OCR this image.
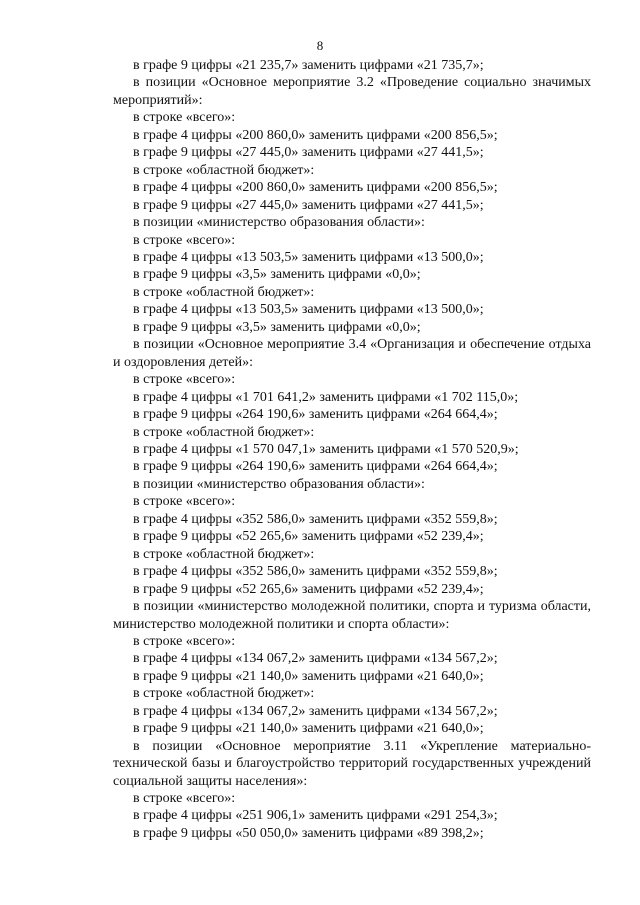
8
в графе 9 цифры «21 235,7» заменить цифрами «21 735,7»;
в позиции «Основное мероприятие 3.2 «Проведение социально значимых
мероприятий»:
в строке «всего»:
в графе 4 цифры «200 860,0» заменить цифрами «200 856,5»;
в графе 9 цифры «27 445,0» заменить цифрами «27 441,5»;
в строке «областной бюджет»:
в графе 4 цифры «200 860,0» заменить цифрами «200 856,5»;
в графе 9 цифры «27 445,0» заменить цифрами «27 441,5»;
в позиции «министерство образования области»:
в строке «всего»:
в графе 4 цифры «13 503,5» заменить цифрами «13 500,0»;
в графе 9 цифры «3,5» заменить цифрами «0,0»;
в строке «областной бюджет»:
в графе 4 цифры «13 503,5» заменить цифрами «13 500,0»;
в графе 9 цифры «3,5» заменить цифрами «0,0»;
в позиции «Основное мероприятие 3.4 «Организация и обеспечение отдыха
и оздоровления детей»:
в строке «всего»:
в графе 4 цифры «1 701 641,2» заменить цифрами «1 702 115,0»;
в графе 9 цифры «264 190,6» заменить цифрами «264 664,4»;
в строке «областной бюджет»:
в графе 4 цифры «1 570 047,1» заменить цифрами «1 570 520,9»;
в графе 9 цифры «264 190,6» заменить цифрами «264 664,4»;
в позиции «министерство образования области»:
в строке «всего»:
в графе 4 цифры «352 586,0» заменить цифрами «352 559,8»;
в графе 9 цифры «52 265,6» заменить цифрами «52 239,4»;
в строке «областной бюджет»:
в графе 4 цифры «352 586,0» заменить цифрами «352 559,8»;
в графе 9 цифры «52 265,6» заменить цифрами «52 239,4»;
в позиции «министерство молодежной политики, спорта и туризма области,
министерство молодежной политики и спорта области»:
в строке «всего»:
в графе 4 цифры «134 067,2» заменить цифрами «134 567,2»;
в графе 9 цифры «21 140,0» заменить цифрами «21 640,0»;
в строке «областной бюджет»:
в графе 4 цифры «134 067,2» заменить цифрами «134 567,2»;
в графе 9 цифры «21 140,0» заменить цифрами «21 640,0»;
в позиции «Основное мероприятие 3.11 «Укрепление материально-
технической базы и благоустройство территорий государственных учреждений
социальной защиты населения»:
в строке «всего»:
в графе 4 цифры «251 906,1» заменить цифрами «291 254,3»;
в графе 9 цифры «50 050,0» заменить цифрами «89 398,2»;
